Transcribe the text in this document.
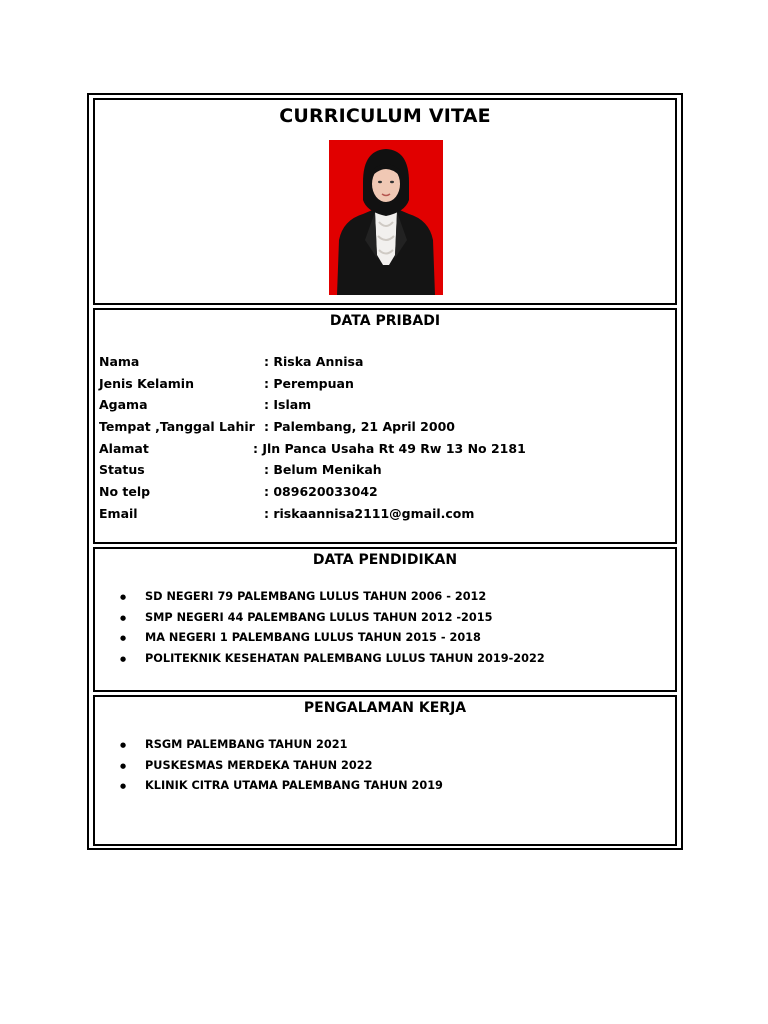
CURRICULUM VITAE
DATA PRIBADI
Nama	: Riska Annisa
Jenis Kelamin	: Perempuan
Agama	: Islam
Tempat ,Tanggal Lahir : Palembang, 21 April 2000
Alamat	: Jln Panca Usaha Rt 49 Rw 13 No 2181
Status	: Belum Menikah
No telp	: 089620033042
Email	: riskaannisa2111@gmail.com
DATA PENDIDIKAN
● SD NEGERI 79 PALEMBANG LULUS TAHUN 2006 - 2012
● SMP NEGERI 44 PALEMBANG LULUS TAHUN 2012 -2015
● MA NEGERI 1 PALEMBANG LULUS TAHUN 2015 - 2018
● POLITEKNIK KESEHATAN PALEMBANG LULUS TAHUN 2019-2022
PENGALAMAN KERJA
● RSGM PALEMBANG TAHUN 2021
● PUSKESMAS MERDEKA TAHUN 2022
● KLINIK CITRA UTAMA PALEMBANG TAHUN 2019
